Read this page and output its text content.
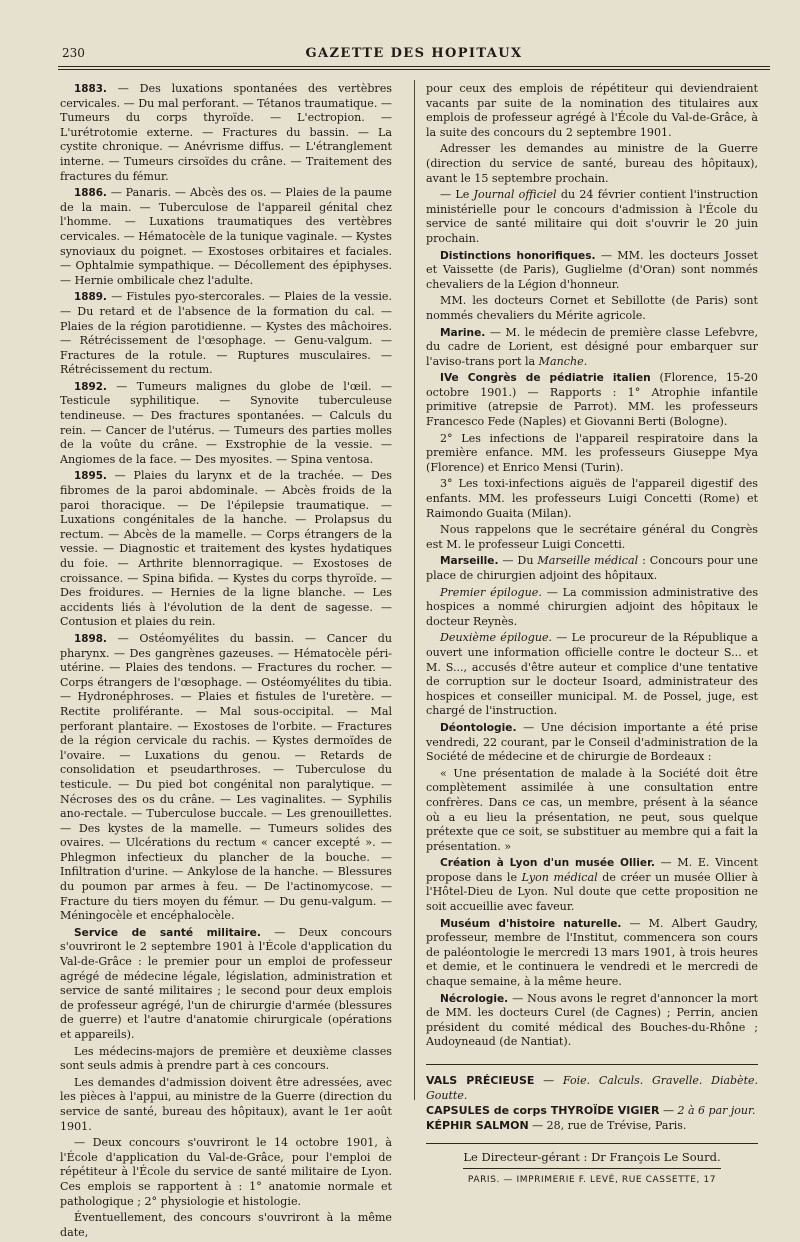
230	GAZETTE DES HOPITAUX

1883. — Des luxations spontanées des vertèbres cervicales. — Du mal perforant. — Tétanos traumatique. — Tumeurs du corps thyroïde. — L'ectropion. — L'urétrotomie externe. — Fractures du bassin. — La cystite chronique. — Anévrisme diffus. — L'étranglement interne. — Tumeurs cirsoïdes du crâne. — Traitement des fractures du fémur.

1886. — Panaris. — Abcès des os. — Plaies de la paume de la main. — Tuberculose de l'appareil génital chez l'homme. — Luxations traumatiques des vertèbres cervicales. — Hématocèle de la tunique vaginale. — Kystes synoviaux du poignet. — Exostoses orbitaires et faciales. — Ophtalmie sympathique. — Décollement des épiphyses. — Hernie ombilicale chez l'adulte.

1889. — Fistules pyo-stercorales. — Plaies de la vessie. — Du retard et de l'absence de la formation du cal. — Plaies de la région parotidienne. — Kystes des mâchoires. — Rétrécissement de l'œsophage. — Genu-valgum. — Fractures de la rotule. — Ruptures musculaires. — Rétrécissement du rectum.

1892. — Tumeurs malignes du globe de l'œil. — Testicule syphilitique. — Synovite tuberculeuse tendineuse. — Des fractures spontanées. — Calculs du rein. — Cancer de l'utérus. — Tumeurs des parties molles de la voûte du crâne. — Exstrophie de la vessie. — Angiomes de la face. — Des myosites. — Spina ventosa.

1895. — Plaies du larynx et de la trachée. — Des fibromes de la paroi abdominale. — Abcès froids de la paroi thoracique. — De l'épilepsie traumatique. — Luxations congénitales de la hanche. — Prolapsus du rectum. — Abcès de la mamelle. — Corps étrangers de la vessie. — Diagnostic et traitement des kystes hydatiques du foie. — Arthrite blennorragique. — Exostoses de croissance. — Spina bifida. — Kystes du corps thyroïde. — Des froidures. — Hernies de la ligne blanche. — Les accidents liés à l'évolution de la dent de sagesse. — Contusion et plaies du rein.

1898. — Ostéomyélites du bassin. — Cancer du pharynx. — Des gangrènes gazeuses. — Hématocèle péri-utérine. — Plaies des tendons. — Fractures du rocher. — Corps étrangers de l'œsophage. — Ostéomyélites du tibia. — Hydronéphroses. — Plaies et fistules de l'uretère. — Rectite proliférante. — Mal sous-occipital. — Mal perforant plantaire. — Exostoses de l'orbite. — Fractures de la région cervicale du rachis. — Kystes dermoïdes de l'ovaire. — Luxations du genou. — Retards de consolidation et pseudarthroses. — Tuberculose du testicule. — Du pied bot congénital non paralytique. — Nécroses des os du crâne. — Les vaginalites. — Syphilis ano-rectale. — Tuberculose buccale. — Les grenouillettes. — Des kystes de la mamelle. — Tumeurs solides des ovaires. — Ulcérations du rectum « cancer excepté ». — Phlegmon infectieux du plancher de la bouche. — Infiltration d'urine. — Ankylose de la hanche. — Blessures du poumon par armes à feu. — De l'actinomycose. — Fracture du tiers moyen du fémur. — Du genu-valgum. — Méningocèle et encéphalocèle.

Service de santé militaire. — Deux concours s'ouvriront le 2 septembre 1901 à l'École d'application du Val-de-Grâce : le premier pour un emploi de professeur agrégé de médecine légale, législation, administration et service de santé militaires ; le second pour deux emplois de professeur agrégé, l'un de chirurgie d'armée (blessures de guerre) et l'autre d'anatomie chirurgicale (opérations et appareils).

Les médecins-majors de première et deuxième classes sont seuls admis à prendre part à ces concours.

Les demandes d'admission doivent être adressées, avec les pièces à l'appui, au ministre de la Guerre (direction du service de santé, bureau des hôpitaux), avant le 1er août 1901.

— Deux concours s'ouvriront le 14 octobre 1901, à l'École d'application du Val-de-Grâce, pour l'emploi de répétiteur à l'École du service de santé militaire de Lyon. Ces emplois se rapportent à : 1° anatomie normale et pathologique ; 2° physiologie et histologie.

Éventuellement, des concours s'ouvriront à la même date,

pour ceux des emplois de répétiteur qui deviendraient vacants par suite de la nomination des titulaires aux emplois de professeur agrégé à l'École du Val-de-Grâce, à la suite des concours du 2 septembre 1901.

Adresser les demandes au ministre de la Guerre (direction du service de santé, bureau des hôpitaux), avant le 15 septembre prochain.

— Le Journal officiel du 24 février contient l'instruction ministérielle pour le concours d'admission à l'École du service de santé militaire qui doit s'ouvrir le 20 juin prochain.

Distinctions honorifiques. — MM. les docteurs Josset et Vaissette (de Paris), Guglielme (d'Oran) sont nommés chevaliers de la Légion d'honneur.

MM. les docteurs Cornet et Sebillotte (de Paris) sont nommés chevaliers du Mérite agricole.

Marine. — M. le médecin de première classe Lefebvre, du cadre de Lorient, est désigné pour embarquer sur l'aviso-trans port la Manche.

IVe Congrès de pédiatrie italien (Florence, 15-20 octobre 1901.) — Rapports : 1° Atrophie infantile primitive (atrepsie de Parrot). MM. les professeurs Francesco Fede (Naples) et Giovanni Berti (Bologne).

2° Les infections de l'appareil respiratoire dans la première enfance. MM. les professeurs Giuseppe Mya (Florence) et Enrico Mensi (Turin).

3° Les toxi-infections aiguës de l'appareil digestif des enfants. MM. les professeurs Luigi Concetti (Rome) et Raimondo Guaita (Milan).

Nous rappelons que le secrétaire général du Congrès est M. le professeur Luigi Concetti.

Marseille. — Du Marseille médical : Concours pour une place de chirurgien adjoint des hôpitaux.

Premier épilogue. — La commission administrative des hospices a nommé chirurgien adjoint des hôpitaux le docteur Reynès.

Deuxième épilogue. — Le procureur de la République a ouvert une information officielle contre le docteur S... et M. S..., accusés d'être auteur et complice d'une tentative de corruption sur le docteur Isoard, administrateur des hospices et conseiller municipal. M. de Possel, juge, est chargé de l'instruction.

Déontologie. — Une décision importante a été prise vendredi, 22 courant, par le Conseil d'administration de la Société de médecine et de chirurgie de Bordeaux :

« Une présentation de malade à la Société doit être complètement assimilée à une consultation entre confrères. Dans ce cas, un membre, présent à la séance où a eu lieu la présentation, ne peut, sous quelque prétexte que ce soit, se substituer au membre qui a fait la présentation. »

Création à Lyon d'un musée Ollier. — M. E. Vincent propose dans le Lyon médical de créer un musée Ollier à l'Hôtel-Dieu de Lyon. Nul doute que cette proposition ne soit accueillie avec faveur.

Muséum d'histoire naturelle. — M. Albert Gaudry, professeur, membre de l'Institut, commencera son cours de paléontologie le mercredi 13 mars 1901, à trois heures et demie, et le continuera le vendredi et le mercredi de chaque semaine, à la même heure.

Nécrologie. — Nous avons le regret d'annoncer la mort de MM. les docteurs Curel (de Cagnes) ; Perrin, ancien président du comité médical des Bouches-du-Rhône ; Audoyneaud (de Nantiat).

VALS PRÉCIEUSE — Foie. Calculs. Gravelle. Diabète. Goutte.
CAPSULES de corps THYROÏDE VIGIER — 2 à 6 par jour.
KÉPHIR SALMON — 28, rue de Trévise, Paris.
Le Directeur-gérant : Dr François Le Sourd.
PARIS. — IMPRIMERIE F. LEVÉ, RUE CASSETTE, 17
